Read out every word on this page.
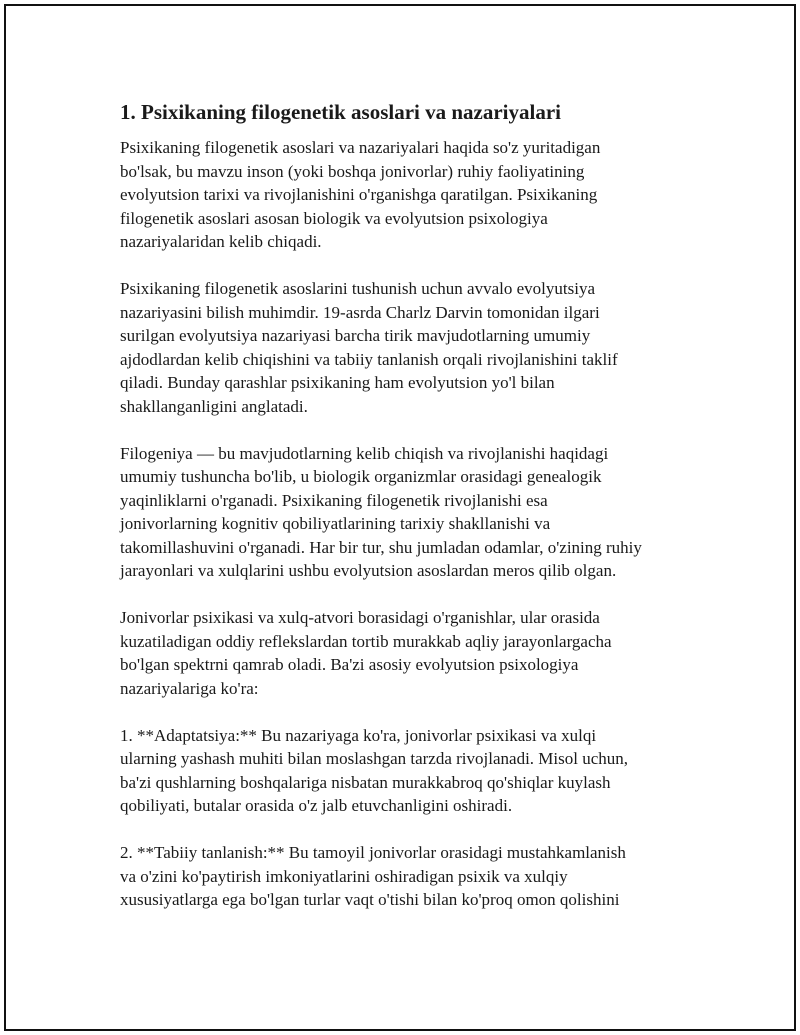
1. Psixikaning filogenetik asoslari va nazariyalari

Psixikaning filogenetik asoslari va nazariyalari haqida so'z yuritadigan
bo'lsak, bu mavzu inson (yoki boshqa jonivorlar) ruhiy faoliyatining
evolyutsion tarixi va rivojlanishini o'rganishga qaratilgan. Psixikaning
filogenetik asoslari asosan biologik va evolyutsion psixologiya
nazariyalaridan kelib chiqadi.

Psixikaning filogenetik asoslarini tushunish uchun avvalo evolyutsiya
nazariyasini bilish muhimdir. 19-asrda Charlz Darvin tomonidan ilgari
surilgan evolyutsiya nazariyasi barcha tirik mavjudotlarning umumiy
ajdodlardan kelib chiqishini va tabiiy tanlanish orqali rivojlanishini taklif
qiladi. Bunday qarashlar psixikaning ham evolyutsion yo'l bilan
shakllanganligini anglatadi.

Filogeniya — bu mavjudotlarning kelib chiqish va rivojlanishi haqidagi
umumiy tushuncha bo'lib, u biologik organizmlar orasidagi genealogik
yaqinliklarni o'rganadi. Psixikaning filogenetik rivojlanishi esa
jonivorlarning kognitiv qobiliyatlarining tarixiy shakllanishi va
takomillashuvini o'rganadi. Har bir tur, shu jumladan odamlar, o'zining ruhiy
jarayonlari va xulqlarini ushbu evolyutsion asoslardan meros qilib olgan.

Jonivorlar psixikasi va xulq-atvori borasidagi o'rganishlar, ular orasida
kuzatiladigan oddiy reflekslardan tortib murakkab aqliy jarayonlargacha
bo'lgan spektrni qamrab oladi. Ba'zi asosiy evolyutsion psixologiya
nazariyalariga ko'ra:

1. **Adaptatsiya:** Bu nazariyaga ko'ra, jonivorlar psixikasi va xulqi
ularning yashash muhiti bilan moslashgan tarzda rivojlanadi. Misol uchun,
ba'zi qushlarning boshqalariga nisbatan murakkabroq qo'shiqlar kuylash
qobiliyati, butalar orasida o'z jalb etuvchanligini oshiradi.

2. **Tabiiy tanlanish:** Bu tamoyil jonivorlar orasidagi mustahkamlanish
va o'zini ko'paytirish imkoniyatlarini oshiradigan psixik va xulqiy
xususiyatlarga ega bo'lgan turlar vaqt o'tishi bilan ko'proq omon qolishini
